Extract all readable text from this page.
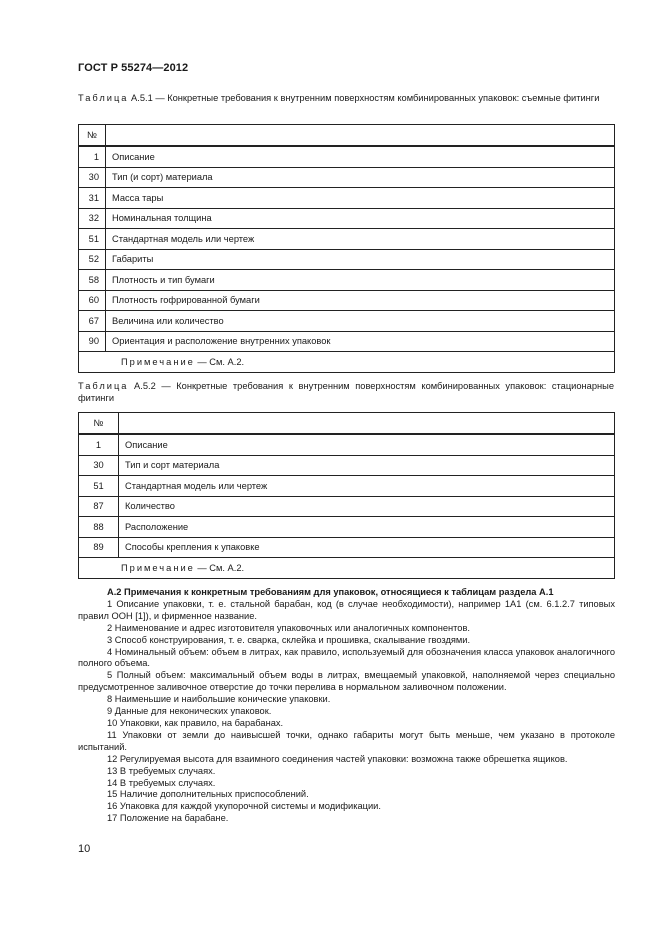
ГОСТ Р 55274—2012
Таблица А.5.1 — Конкретные требования к внутренним поверхностям комбинированных упаковок: съемные фитинги
№	
1	Описание
30	Тип (и сорт) материала
31	Масса тары
32	Номинальная толщина
51	Стандартная модель или чертеж
52	Габариты
58	Плотность и тип бумаги
60	Плотность гофрированной бумаги
67	Величина или количество
90	Ориентация и расположение внутренних упаковок
Примечание — См. А.2.	
Таблица А.5.2 — Конкретные требования к внутренним поверхностям комбинированных упаковок: стационарные фитинги
№	
1	Описание
30	Тип и сорт материала
51	Стандартная модель или чертеж
87	Количество
88	Расположение
89	Способы крепления к упаковке
Примечание — См. А.2.	
А.2 Примечания к конкретным требованиям для упаковок, относящиеся к таблицам раздела А.1

1 Описание упаковки, т. е. стальной барабан, код (в случае необходимости), например 1А1 (см. 6.1.2.7 типовых правил ООН [1]), и фирменное название.

2 Наименование и адрес изготовителя упаковочных или аналогичных компонентов.

3 Способ конструирования, т. е. сварка, склейка и прошивка, скалывание гвоздями.

4 Номинальный объем: объем в литрах, как правило, используемый для обозначения класса упаковок аналогичного полного объема.

5 Полный объем: максимальный объем воды в литрах, вмещаемый упаковкой, наполняемой через специально предусмотренное заливочное отверстие до точки перелива в нормальном заливочном положении.

8 Наименьшие и наибольшие конические упаковки.

9 Данные для неконических упаковок.

10 Упаковки, как правило, на барабанах.

11 Упаковки от земли до наивысшей точки, однако габариты могут быть меньше, чем указано в протоколе испытаний.

12 Регулируемая высота для взаимного соединения частей упаковки: возможна также обрешетка ящиков.

13 В требуемых случаях.

14 В требуемых случаях.

15 Наличие дополнительных приспособлений.

16 Упаковка для каждой укупорочной системы и модификации.

17 Положение на барабане.

10
